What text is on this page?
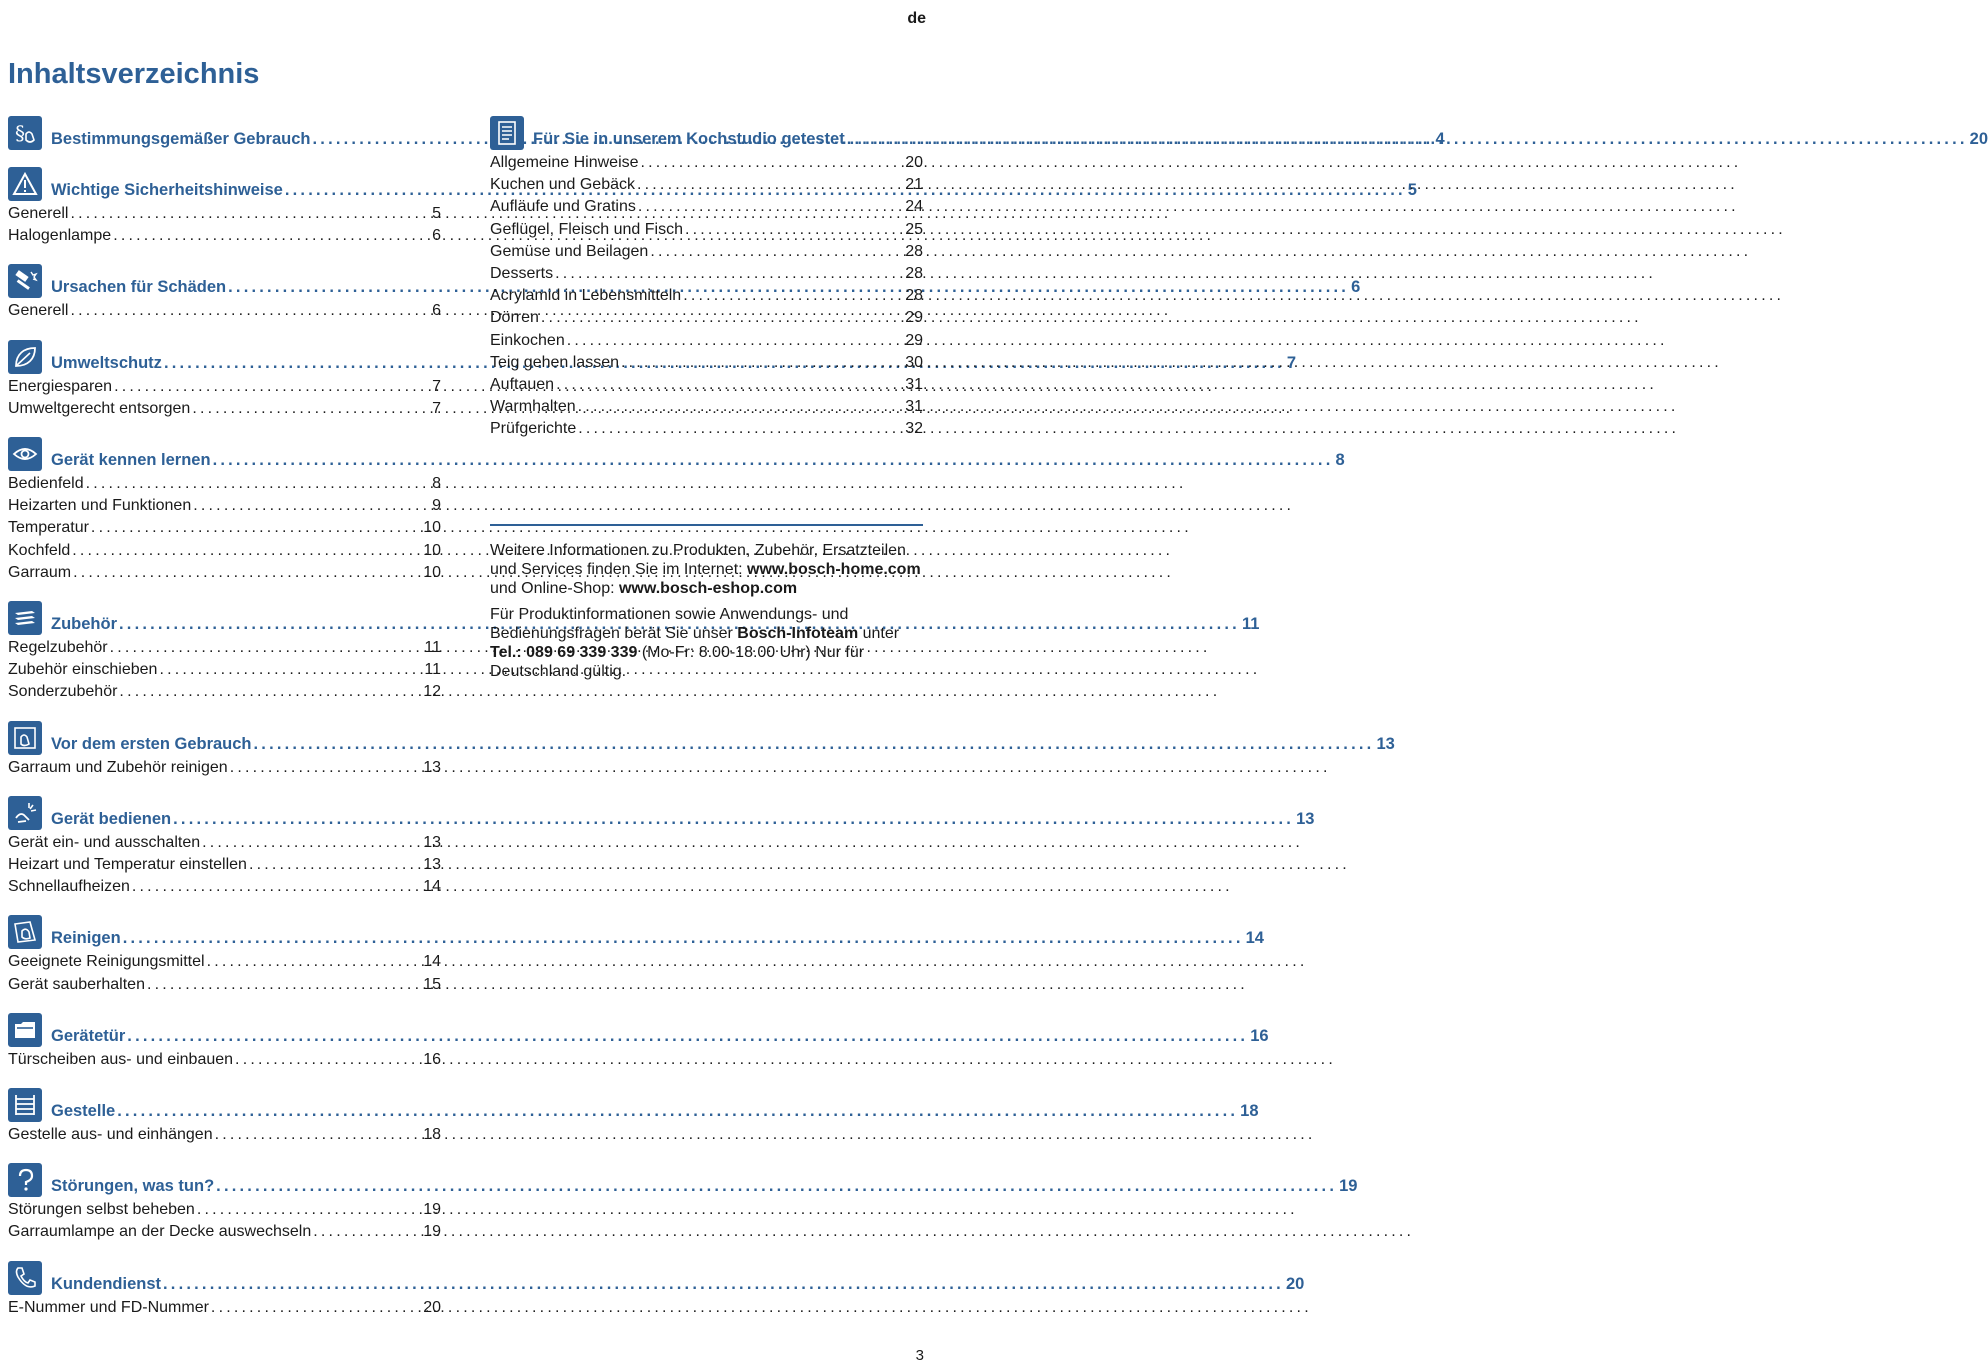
de
Inhaltsverzeichnis
§ Bestimmungsgemäßer Gebrauch .....	4
Wichtige Sicherheitshinweise .....	5
Generell .....	5
Halogenlampe .....	6
Ursachen für Schäden .....	6
Generell .....	6
Umweltschutz .....	7
Energiesparen .....	7
Umweltgerecht entsorgen .....	7
Gerät kennen lernen .....	8
Bedienfeld .....	8
Heizarten und Funktionen .....	9
Temperatur .....	10
Kochfeld .....	10
Garraum .....	10
Zubehör .....	11
Regelzubehör .....	11
Zubehör einschieben .....	11
Sonderzubehör .....	12
Vor dem ersten Gebrauch .....	13
Garraum und Zubehör reinigen .....	13
Gerät bedienen .....	13
Gerät ein- und ausschalten .....	13
Heizart und Temperatur einstellen .....	13
Schnellaufheizen .....	14
Reinigen .....	14
Geeignete Reinigungsmittel .....	14
Gerät sauberhalten .....	15
Gerätetür .....	16
Türscheiben aus- und einbauen .....	16
Gestelle .....	18
Gestelle aus- und einhängen .....	18
Störungen, was tun? .....	19
Störungen selbst beheben .....	19
Garraumlampe an der Decke auswechseln .....	19
Kundendienst .....	20
E-Nummer und FD-Nummer .....	20
Für Sie in unserem Kochstudio getestet .....	20
Allgemeine Hinweise .....	20
Kuchen und Gebäck .....	21
Aufläufe und Gratins .....	24
Geflügel, Fleisch und Fisch .....	25
Gemüse und Beilagen .....	28
Desserts .....	28
Acrylamid in Lebensmitteln .....	28
Dörren .....	29
Einkochen .....	29
Teig gehen lassen .....	30
Auftauen .....	31
Warmhalten .....	31
Prüfgerichte .....	32

Weitere Informationen zu Produkten, Zubehör, Ersatzteilen und Services finden Sie im Internet: www.bosch-home.com und Online-Shop: www.bosch-eshop.com

Für Produktinformationen sowie Anwendungs- und Bedienungsfragen berät Sie unser Bosch-Infoteam unter Tel.: 089 69 339 339 (Mo-Fr: 8.00-18.00 Uhr) Nur für Deutschland gültig.

3
